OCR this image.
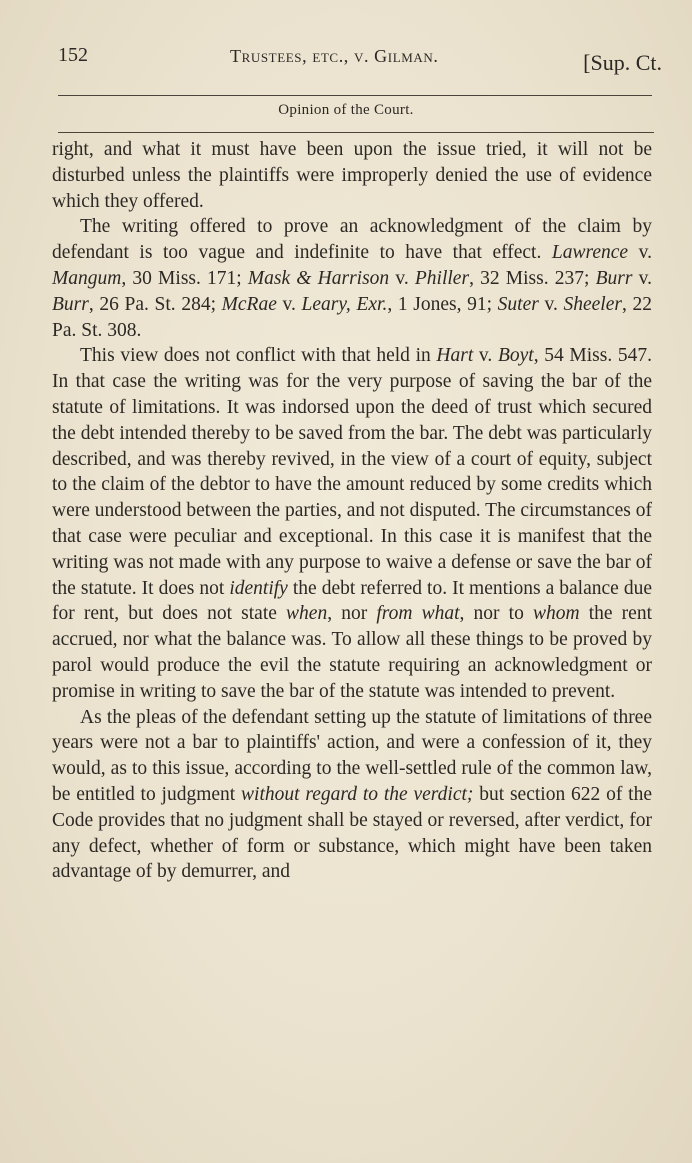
152	Trustees, etc., v. Gilman.	[Sup. Ct.
Opinion of the Court.

right, and what it must have been upon the issue tried, it will not be disturbed unless the plaintiffs were improperly denied the use of evidence which they offered.

The writing offered to prove an acknowledgment of the claim by defendant is too vague and indefinite to have that effect. Lawrence v. Mangum, 30 Miss. 171; Mask & Harrison v. Philler, 32 Miss. 237; Burr v. Burr, 26 Pa. St. 284; McRae v. Leary, Exr., 1 Jones, 91; Suter v. Sheeler, 22 Pa. St. 308.

This view does not conflict with that held in Hart v. Boyt, 54 Miss. 547. In that case the writing was for the very purpose of saving the bar of the statute of limitations. It was indorsed upon the deed of trust which secured the debt intended thereby to be saved from the bar. The debt was particularly described, and was thereby revived, in the view of a court of equity, subject to the claim of the debtor to have the amount reduced by some credits which were understood between the parties, and not disputed. The circumstances of that case were peculiar and exceptional. In this case it is manifest that the writing was not made with any purpose to waive a defense or save the bar of the statute. It does not identify the debt referred to. It mentions a balance due for rent, but does not state when, nor from what, nor to whom the rent accrued, nor what the balance was. To allow all these things to be proved by parol would produce the evil the statute requiring an acknowledgment or promise in writing to save the bar of the statute was intended to prevent.

As the pleas of the defendant setting up the statute of limitations of three years were not a bar to plaintiffs' action, and were a confession of it, they would, as to this issue, according to the well-settled rule of the common law, be entitled to judgment without regard to the verdict; but section 622 of the Code provides that no judgment shall be stayed or reversed, after verdict, for any defect, whether of form or substance, which might have been taken advantage of by demurrer, and
